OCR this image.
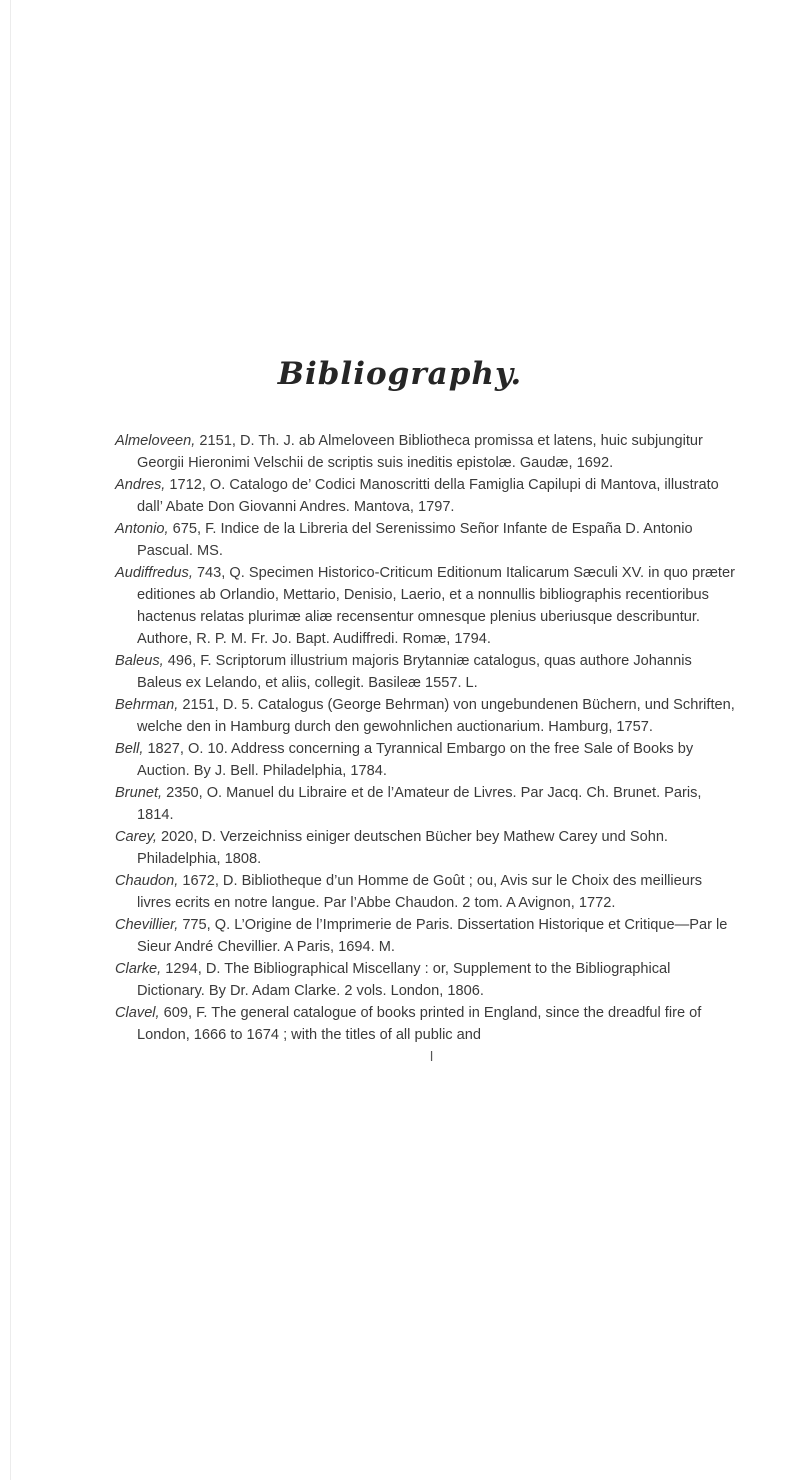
Bibliography.

Almeloveen, 2151, D. Th. J. ab Almeloveen Bibliotheca promissa et latens, huic subjungitur Georgii Hieronimi Velschii de scriptis suis ineditis epistolæ. Gaudæ, 1692.

Andres, 1712, O. Catalogo de’ Codici Manoscritti della Famiglia Capilupi di Mantova, illustrato dall’ Abate Don Giovanni Andres. Mantova, 1797.

Antonio, 675, F. Indice de la Libreria del Serenissimo Señor Infante de España D. Antonio Pascual. MS.

Audiffredus, 743, Q. Specimen Historico-Criticum Editionum Italicarum Sæculi XV. in quo præter editiones ab Orlandio, Mettario, Denisio, Laerio, et a nonnullis bibliographis recentioribus hactenus relatas plurimæ aliæ recensentur omnesque plenius uberiusque describuntur. Authore, R. P. M. Fr. Jo. Bapt. Audiffredi. Romæ, 1794.

Baleus, 496, F. Scriptorum illustrium majoris Brytanniæ catalogus, quas authore Johannis Baleus ex Lelando, et aliis, collegit. Basileæ 1557. L.

Behrman, 2151, D. 5. Catalogus (George Behrman) von ungebundenen Büchern, und Schriften, welche den in Hamburg durch den gewohnlichen auctionarium. Hamburg, 1757.

Bell, 1827, O. 10. Address concerning a Tyrannical Embargo on the free Sale of Books by Auction. By J. Bell. Philadelphia, 1784.

Brunet, 2350, O. Manuel du Libraire et de l’Amateur de Livres. Par Jacq. Ch. Brunet. Paris, 1814.

Carey, 2020, D. Verzeichniss einiger deutschen Bücher bey Mathew Carey und Sohn. Philadelphia, 1808.

Chaudon, 1672, D. Bibliotheque d’un Homme de Goût ; ou, Avis sur le Choix des meillieurs livres ecrits en notre langue. Par l’Abbe Chaudon. 2 tom. A Avignon, 1772.

Chevillier, 775, Q. L’Origine de l’Imprimerie de Paris. Dissertation Historique et Critique—Par le Sieur André Chevillier. A Paris, 1694. M.

Clarke, 1294, D. The Bibliographical Miscellany : or, Supplement to the Bibliographical Dictionary. By Dr. Adam Clarke. 2 vols. London, 1806.

Clavel, 609, F. The general catalogue of books printed in England, since the dreadful fire of London, 1666 to 1674 ; with the titles of all public and

l
